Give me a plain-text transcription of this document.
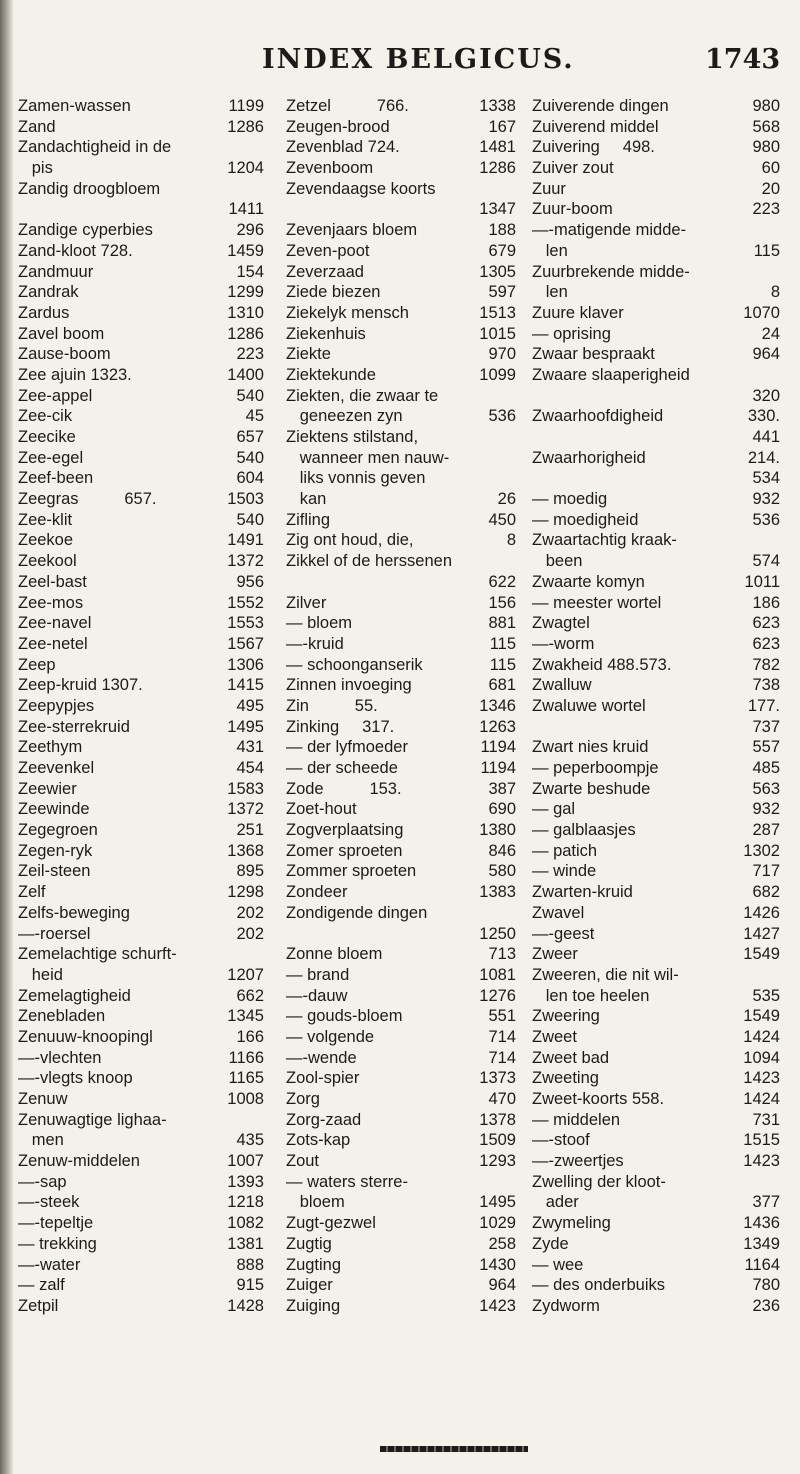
INDEX BELGICUS.	1743
Zamen-wassen	1199
Zand	1286
Zandachtigheid in de
pis	1204
Zandig droogbloem
1411
Zandige cyperbies	296
Zand-kloot 728.	1459
Zandmuur	154
Zandrak	1299
Zardus	1310
Zavel boom	1286
Zause-boom	223
Zee ajuin 1323.	1400
Zee-appel	540
Zee-cik	45
Zeecike	657
Zee-egel	540
Zeef-been	604
Zeegras          657.	1503
Zee-klit	540
Zeekoe	1491
Zeekool	1372
Zeel-bast	956
Zee-mos	1552
Zee-navel	1553
Zee-netel	1567
Zeep	1306
Zeep-kruid 1307.	1415
Zeepypjes	495
Zee-sterrekruid	1495
Zeethym	431
Zeevenkel	454
Zeewier	1583
Zeewinde	1372
Zegegroen	251
Zegen-ryk	1368
Zeil-steen	895
Zelf	1298
Zelfs-beweging	202
—-roersel	202
Zemelachtige schurft-
heid	1207
Zemelagtigheid	662
Zenebladen	1345
Zenuuw-knoopingl	166
—-vlechten	1166
—-vlegts knoop	1165
Zenuw	1008
Zenuwagtige lighaa-
men	435
Zenuw-middelen	1007
—-sap	1393
—-steek	1218
—-tepeltje	1082
— trekking	1381
—-water	888
— zalf	915
Zetpil	1428
Zetzel          766.	1338
Zeugen-brood	167
Zevenblad 724.	1481
Zevenboom	1286
Zevendaagse koorts
1347
Zevenjaars bloem	188
Zeven-poot	679
Zeverzaad	1305
Ziede biezen	597
Ziekelyk mensch	1513
Ziekenhuis	1015
Ziekte	970
Ziektekunde	1099
Ziekten, die zwaar te
geneezen zyn	536
Ziektens stilstand,
wanneer men nauw-
liks vonnis geven
kan	26
Zifling	450
Zig ont houd, die,	8
Zikkel of de herssenen
622
Zilver	156
— bloem	881
—-kruid	115
— schoonganserik	115
Zinnen invoeging	681
Zin          55.	1346
Zinking     317.	1263
— der lyfmoeder	1194
— der scheede	1194
Zode          153.	387
Zoet-hout	690
Zogverplaatsing	1380
Zomer sproeten	846
Zommer sproeten	580
Zondeer	1383
Zondigende dingen
1250
Zonne bloem	713
— brand	1081
—-dauw	1276
— gouds-bloem	551
— volgende	714
—-wende	714
Zool-spier	1373
Zorg	470
Zorg-zaad	1378
Zots-kap	1509
Zout	1293
— waters sterre-
bloem	1495
Zugt-gezwel	1029
Zugtig	258
Zugting	1430
Zuiger	964
Zuiging	1423
Zuiverende dingen	980
Zuiverend middel	568
Zuivering     498.	980
Zuiver zout	60
Zuur	20
Zuur-boom	223
—-matigende midde-
len	115
Zuurbrekende midde-
len	8
Zuure klaver	1070
— oprising	24
Zwaar bespraakt	964
Zwaare slaaperigheid
320
Zwaarhoofdigheid	330.
441
Zwaarhorigheid	214.
534
— moedig	932
— moedigheid	536
Zwaartachtig kraak-
been	574
Zwaarte komyn	1011
— meester wortel	186
Zwagtel	623
—-worm	623
Zwakheid 488.573.	782
Zwalluw	738
Zwaluwe wortel	177.
737
Zwart nies kruid	557
— peperboompje	485
Zwarte beshude	563
— gal	932
— galblaasjes	287
— patich	1302
— winde	717
Zwarten-kruid	682
Zwavel	1426
—-geest	1427
Zweer	1549
Zweeren, die nit wil-
len toe heelen	535
Zweering	1549
Zweet	1424
Zweet bad	1094
Zweeting	1423
Zweet-koorts 558.	1424
— middelen	731
—-stoof	1515
—-zweertjes	1423
Zwelling der kloot-
ader	377
Zwymeling	1436
Zyde	1349
— wee	1164
— des onderbuiks	780
Zydworm	236
